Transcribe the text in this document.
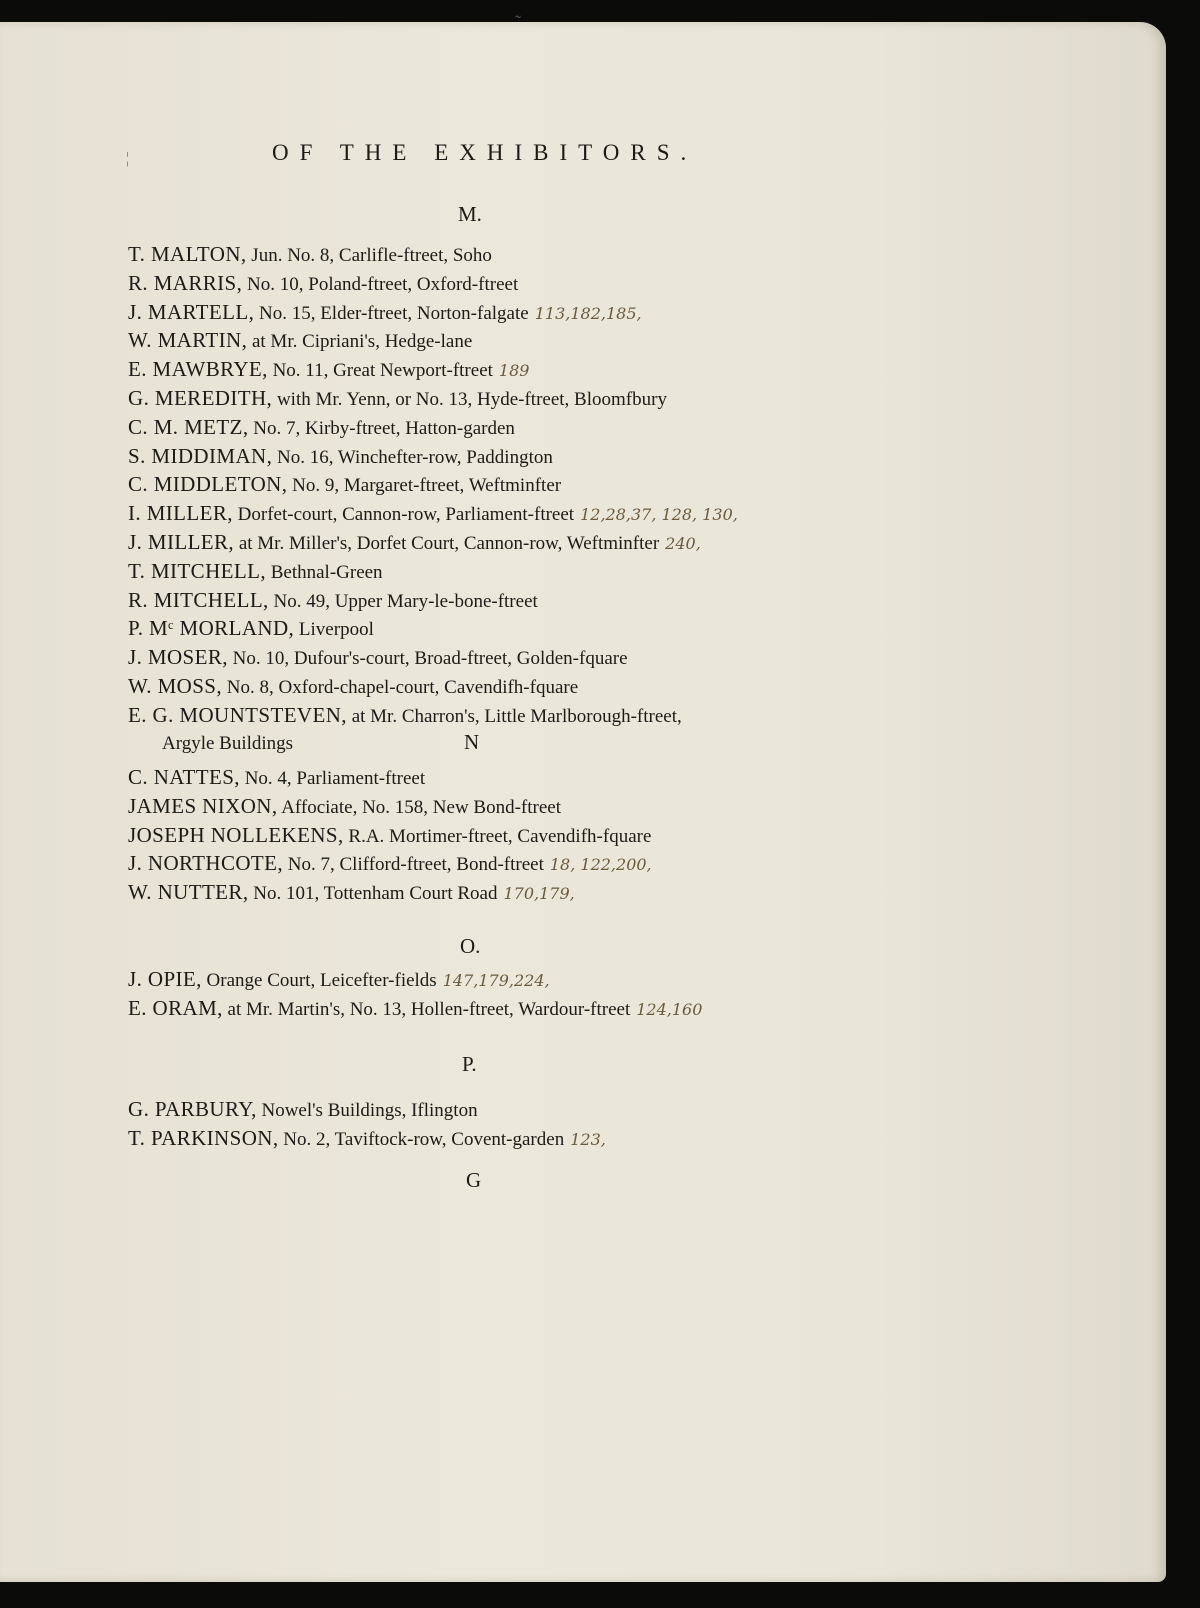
˜
¦	OF THE EXHIBITORS.
M.
T. MALTON, Jun. No. 8, Carlifle-ftreet, Soho
R. MARRIS, No. 10, Poland-ftreet, Oxford-ftreet
J. MARTELL, No. 15, Elder-ftreet, Norton-falgate 113,182,185,
W. MARTIN, at Mr. Cipriani's, Hedge-lane
E. MAWBRYE, No. 11, Great Newport-ftreet 189
G. MEREDITH, with Mr. Yenn, or No. 13, Hyde-ftreet, Bloomfbury
C. M. METZ, No. 7, Kirby-ftreet, Hatton-garden
S. MIDDIMAN, No. 16, Winchefter-row, Paddington
C. MIDDLETON, No. 9, Margaret-ftreet, Weftminfter
I. MILLER, Dorfet-court, Cannon-row, Parliament-ftreet 12,28,37, 128, 130,
J. MILLER, at Mr. Miller's, Dorfet Court, Cannon-row, Weftminfter 240,
T. MITCHELL, Bethnal-Green
R. MITCHELL, No. 49, Upper Mary-le-bone-ftreet
P. Mᶜ MORLAND, Liverpool
J. MOSER, No. 10, Dufour's-court, Broad-ftreet, Golden-fquare
W. MOSS, No. 8, Oxford-chapel-court, Cavendifh-fquare
E. G. MOUNTSTEVEN, at Mr. Charron's, Little Marlborough-ftreet,
Argyle Buildings	N
C. NATTES, No. 4, Parliament-ftreet
JAMES NIXON, Affociate, No. 158, New Bond-ftreet
JOSEPH NOLLEKENS, R.A. Mortimer-ftreet, Cavendifh-fquare
J. NORTHCOTE, No. 7, Clifford-ftreet, Bond-ftreet 18, 122,200,
W. NUTTER, No. 101, Tottenham Court Road 170,179,
O.
J. OPIE, Orange Court, Leicefter-fields 147,179,224,
E. ORAM, at Mr. Martin's, No. 13, Hollen-ftreet, Wardour-ftreet 124,160
P.
G. PARBURY, Nowel's Buildings, Iflington
T. PARKINSON, No. 2, Taviftock-row, Covent-garden 123,
G
